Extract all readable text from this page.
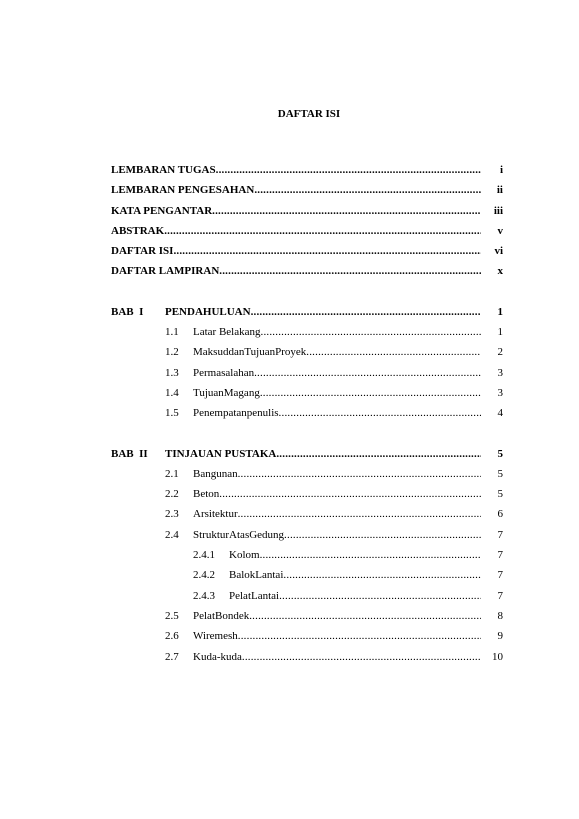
DAFTAR ISI
LEMBARAN TUGAS .....	i
LEMBARAN PENGESAHAN .....	ii
KATA PENGANTAR .....	iii
ABSTRAK .....	v
DAFTAR ISI .....	vi
DAFTAR LAMPIRAN .....	x
BAB  I PENDAHULUAN .....	1
1.1 Latar Belakang .....	1
1.2 MaksuddanTujuanProyek .....	2
1.3 Permasalahan .....	3
1.4 TujuanMagang .....	3
1.5 Penempatanpenulis .....	4
BAB  II TINJAUAN PUSTAKA .....	5
2.1 Bangunan .....	5
2.2 Beton .....	5
2.3 Arsitektur .....	6
2.4 StrukturAtasGedung .....	7
2.4.1 Kolom .....	7
2.4.2 BalokLantai .....	7
2.4.3 PelatLantai .....	7
2.5 PelatBondek .....	8
2.6 Wiremesh .....	9
2.7 Kuda-kuda .....	10
